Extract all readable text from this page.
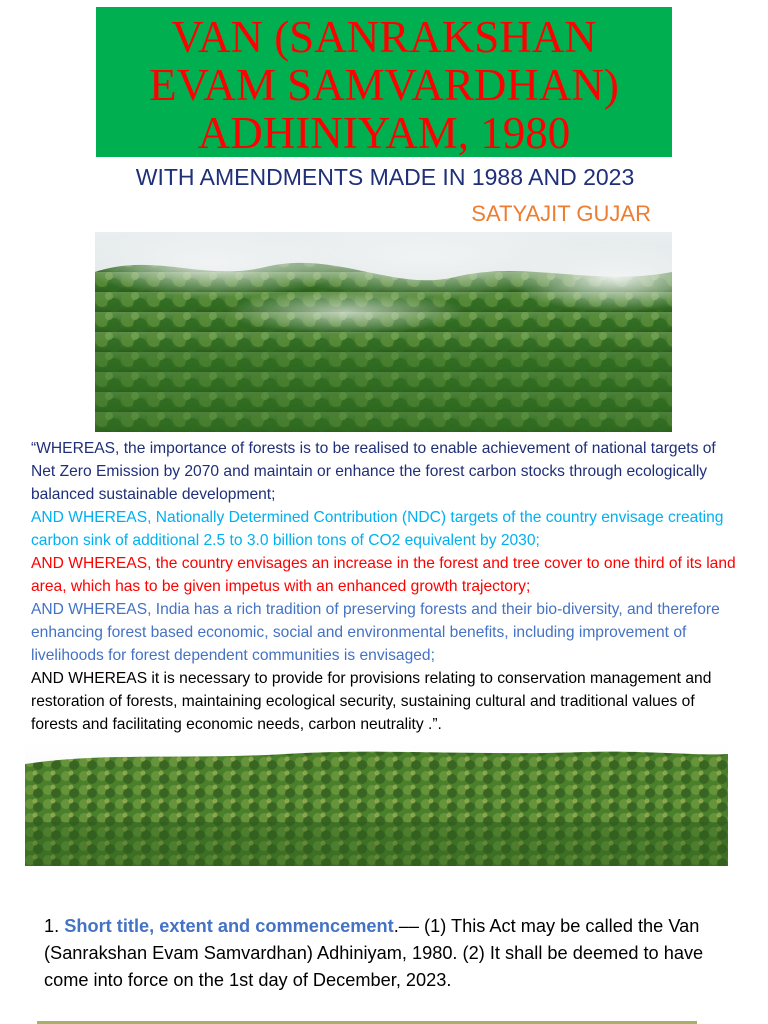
VAN (SANRAKSHAN
EVAM SAMVARDHAN)
ADHINIYAM, 1980
WITH AMENDMENTS MADE IN 1988 AND 2023
SATYAJIT GUJAR

“WHEREAS, the importance of forests is to be realised to enable achievement of national targets of Net Zero Emission by 2070 and maintain or enhance the forest carbon stocks through ecologically balanced sustainable development;

AND WHEREAS, Nationally Determined Contribution (NDC) targets of the country envisage creating carbon sink of additional 2.5 to 3.0 billion tons of CO2 equivalent by 2030;

AND WHEREAS, the country envisages an increase in the forest and tree cover to one third of its land area, which has to be given impetus with an enhanced growth trajectory;

AND WHEREAS, India has a rich tradition of preserving forests and their bio-diversity, and therefore enhancing forest based economic, social and environmental benefits, including improvement of livelihoods for forest dependent communities is envisaged;

AND WHEREAS it is necessary to provide for provisions relating to conservation management and restoration of forests, maintaining ecological security, sustaining cultural and traditional values of forests and facilitating economic needs, carbon neutrality .”.

1. Short title, extent and commencement.–– (1) This Act may be called the Van (Sanrakshan Evam Samvardhan) Adhiniyam, 1980. (2) It shall be deemed to have come into force on the 1st day of December, 2023.
